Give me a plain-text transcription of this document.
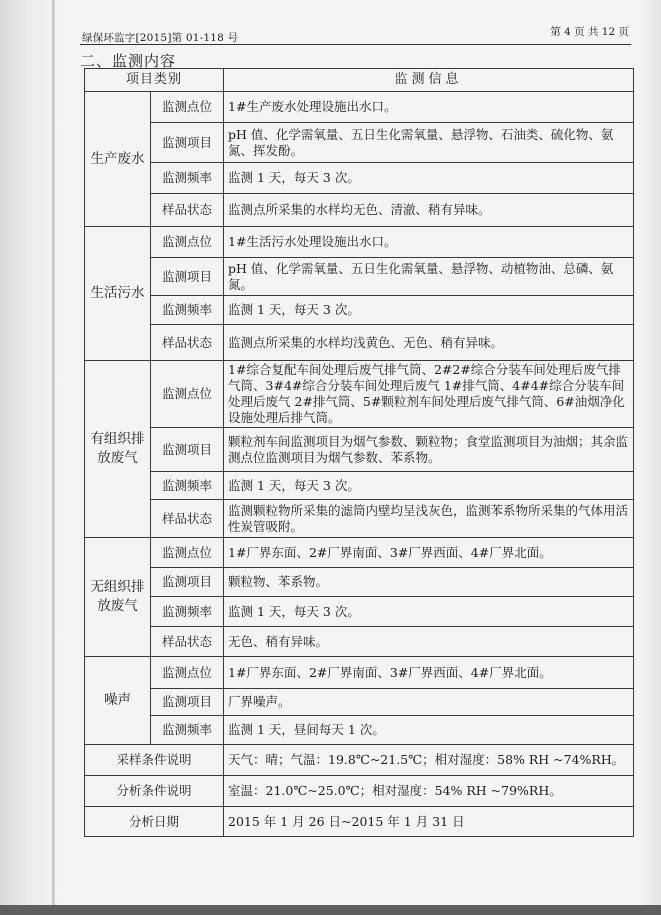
绿保环监字[2015]第 01-118 号	第 4 页 共 12 页
二、监测内容
项目类别		监测信息
生产废水	监测点位	1#生产废水处理设施出水口。
	监测项目	pH 值、化学需氧量、五日生化需氧量、悬浮物、石油类、硫化物、氨氮、挥发酚。
	监测频率	监测 1 天，每天 3 次。
	样品状态	监测点所采集的水样均无色、清澈、稍有异味。
生活污水	监测点位	1#生活污水处理设施出水口。
	监测项目	pH 值、化学需氧量、五日生化需氧量、悬浮物、动植物油、总磷、氨氮。
	监测频率	监测 1 天，每天 3 次。
	样品状态	监测点所采集的水样均浅黄色、无色、稍有异味。
有组织排放废气	监测点位	1#综合复配车间处理后废气排气筒、2#2#综合分装车间处理后废气排气筒、3#4#综合分装车间处理后废气 1#排气筒、4#4#综合分装车间处理后废气 2#排气筒、5#颗粒剂车间处理后废气排气筒、6#油烟净化设施处理后排气筒。
	监测项目	颗粒剂车间监测项目为烟气参数、颗粒物；食堂监测项目为油烟；其余监测点位监测项目为烟气参数、苯系物。
	监测频率	监测 1 天，每天 3 次。
	样品状态	监测颗粒物所采集的滤筒内壁均呈浅灰色，监测苯系物所采集的气体用活性炭管吸附。
无组织排放废气	监测点位	1#厂界东面、2#厂界南面、3#厂界西面、4#厂界北面。
	监测项目	颗粒物、苯系物。
	监测频率	监测 1 天，每天 3 次。
	样品状态	无色、稍有异味。
噪声	监测点位	1#厂界东面、2#厂界南面、3#厂界西面、4#厂界北面。
	监测项目	厂界噪声。
	监测频率	监测 1 天，昼间每天 1 次。
采样条件说明		天气：晴；气温：19.8℃~21.5℃；相对湿度：58% RH ~74%RH。
分析条件说明		室温：21.0℃~25.0℃；相对湿度：54% RH ~79%RH。
分析日期		2015 年 1 月 26 日~2015 年 1 月 31 日
